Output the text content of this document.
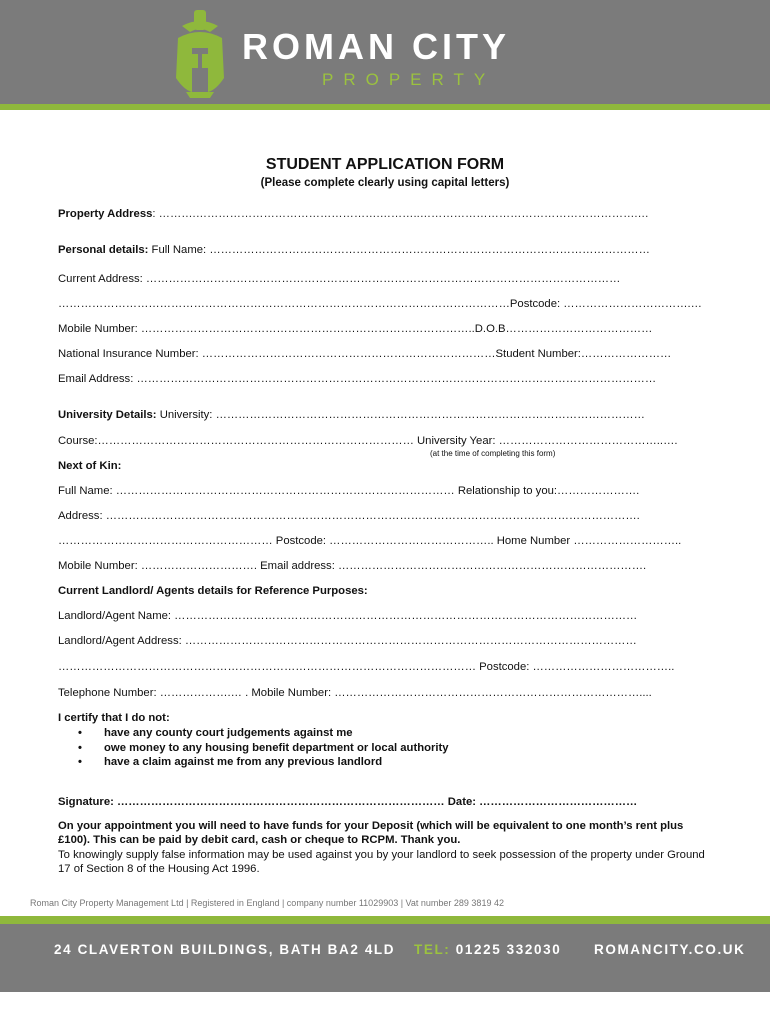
ROMAN CITY
PROPERTY
STUDENT APPLICATION FORM
(Please complete clearly using capital letters)
Property Address: ……….………………………………………….………..………………………………………………….…
Personal details: Full Name: ………………………………………………………………………………………………………
Current Address: ………………………………………………………………………………………………………………
…………………………………………………………………………………………………………Postcode: …………………………….…
Mobile Number: ……………………………………………………………………………..D.O.B…………………………………
National Insurance Number: ……………………………………………………………………Student Number:……………………
Email Address: …………………………………………………………………………………………………………………………
University Details: University: ……………………………………………………………………………………………………
Course:………………………………………………………………………… University Year: ……………………………………..….
(at the time of completing this form)
Next of Kin:
Full Name: ……………………………………………………………………………… Relationship to you:………………….
Address: …………………………………………………………………………………………………………………………….
………………………………………………… Postcode: …………………………………….. Home Number ………………………..
Mobile Number: …………………………. Email address: ……………………………………………………………………….
Current Landlord/ Agents details for Reference Purposes:
Landlord/Agent Name: ……………………………………………………………………………………………………………
Landlord/Agent Address: …………………………………………………………………………………………………………
………………………………………………………………………………………………… Postcode: ………………………………..
Telephone Number: ……………….… . Mobile Number: ………………………………………………………………………....
I certify that I do not:
• have any county court judgements against me
• owe money to any housing benefit department or local authority
• have a claim against me from any previous landlord
Signature: …………………………………………………………………………… Date: ……………………………………
On your appointment you will need to have funds for your Deposit (which will be equivalent to one month’s rent plus £100). This can be paid by debit card, cash or cheque to RCPM. Thank you.
To knowingly supply false information may be used against you by your landlord to seek possession of the property under Ground 17 of Section 8 of the Housing Act 1996.
Roman City Property Management Ltd | Registered in England | company number 11029903 | Vat number 289 3819 42
24 CLAVERTON BUILDINGS, BATH BA2 4LD TEL: 01225 332030 ROMANCITY.CO.UK
